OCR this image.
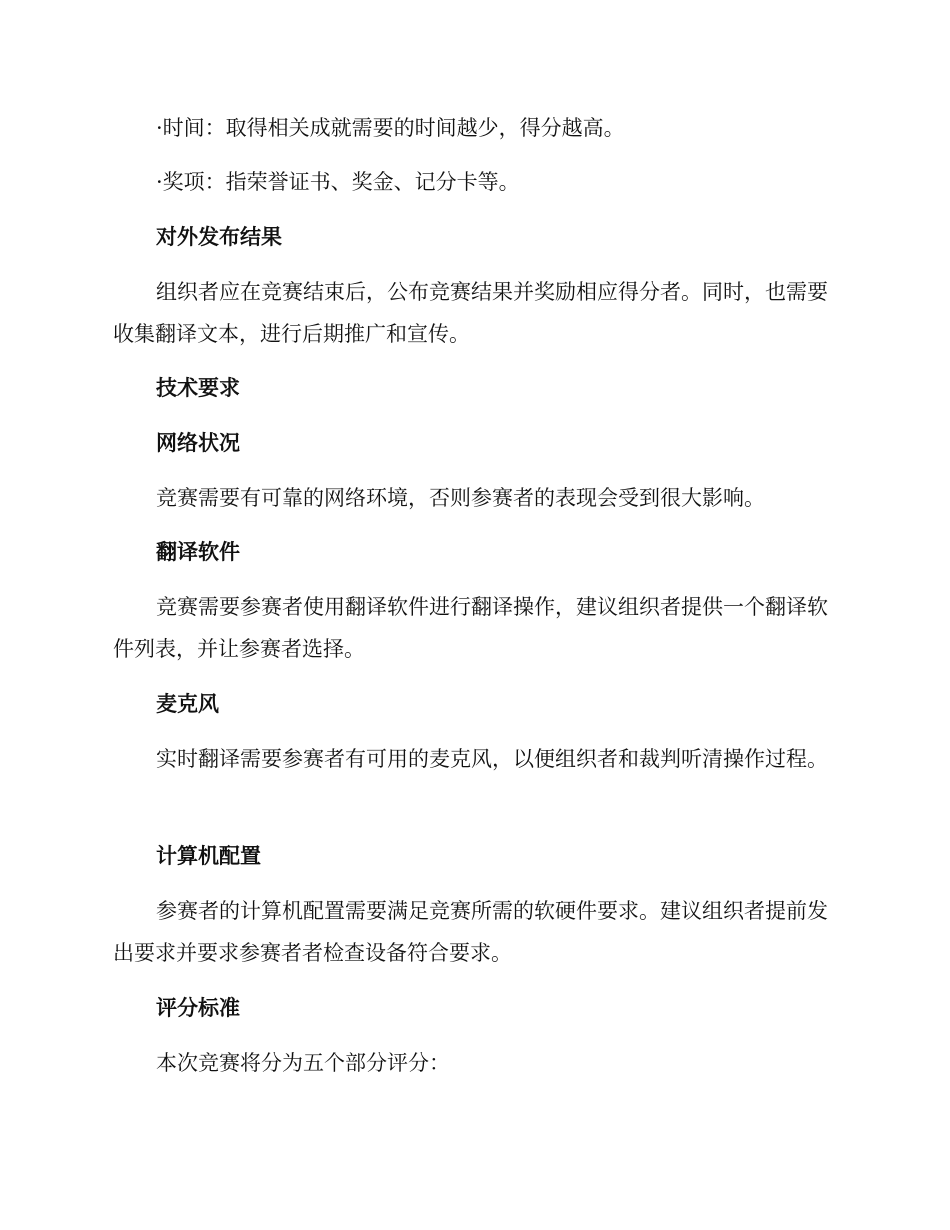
·时间：取得相关成就需要的时间越少，得分越高。

·奖项：指荣誉证书、奖金、记分卡等。

对外发布结果

组织者应在竞赛结束后，公布竞赛结果并奖励相应得分者。同时，也需要收集翻译文本，进行后期推广和宣传。

技术要求

网络状况

竞赛需要有可靠的网络环境，否则参赛者的表现会受到很大影响。

翻译软件

竞赛需要参赛者使用翻译软件进行翻译操作，建议组织者提供一个翻译软件列表，并让参赛者选择。

麦克风

实时翻译需要参赛者有可用的麦克风，以便组织者和裁判听清操作过程。

计算机配置

参赛者的计算机配置需要满足竞赛所需的软硬件要求。建议组织者提前发出要求并要求参赛者者检查设备符合要求。

评分标准

本次竞赛将分为五个部分评分：
